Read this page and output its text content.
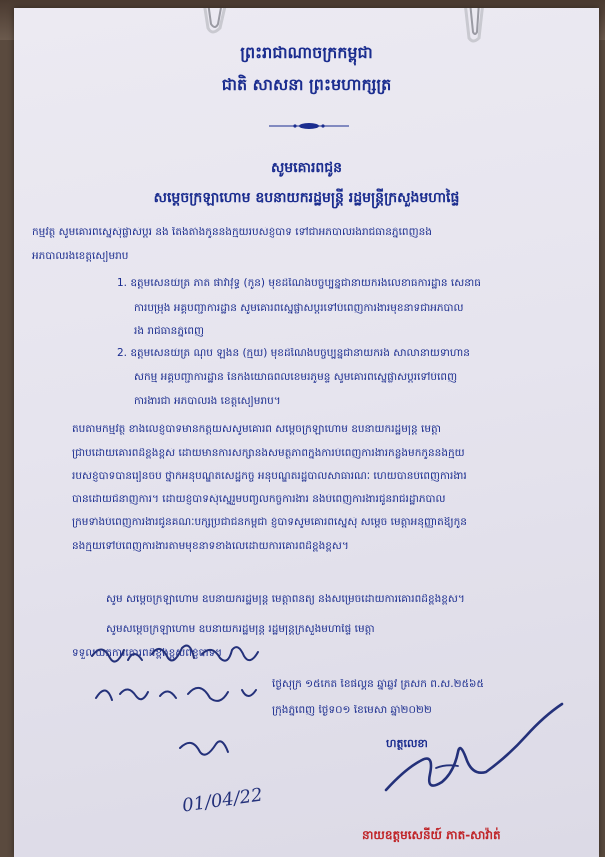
ព្រះរាជាណាចក្រកម្ពុជា
ជាតិ សាសនា ព្រះមហាក្សត្រ
សូមគោរពជូន
សម្ដេចក្រឡាហោម ឧបនាយករដ្ឋមន្ត្រី រដ្ឋមន្ត្រីក្រសួងមហាផ្ទៃ
កម្មវត្ថុ សូមគោរពស្នើសុំផ្លាស់ប្ដូរ និង តែងតាំងកូននិងក្មួយរបស់ខ្ញុំបាទ ទៅជាអភិបាលរងរាជធានីភ្នំពេញនិង
អភិបាលរងខេត្តសៀមរាប
1. ឧត្ដមសេនីយ៍ត្រី ភាត់ ផាវ៉ាវុទ្ធ (កូន) មុខដំណែងបច្ចុប្បន្នជានាយករងលេខាធិការដ្ឋាន សេនាធិ
ការបម្រុង អគ្គបញ្ជាការដ្ឋាន សូមគោរពស្នើផ្លាស់ប្ដូរទៅបំពេញការងារមុខនាទីជាអភិបាល
រង រាជធានីភ្នំពេញ
2. ឧត្ដមសេនីយ៍ត្រី ណុប ឡុងនី (ក្មួយ) មុខដំណែងបច្ចុប្បន្នជានាយករង សាលានាយទាហាន
សកម្ម អគ្គបញ្ជាការដ្ឋាន នៃកងយោធពលខេមរភូមិន្ទ សូមគោរពស្នើផ្លាស់ប្ដូរទៅបំពេញ
ការងារជា អភិបាលរង ខេត្តសៀមរាប។
តបតាមកម្មវត្ថុ ខាងលើខ្ញុំបាទមានកិត្តិយសសូមគោរព សម្ដេចក្រឡាហោម ឧបនាយករដ្ឋមន្ត្រី មេត្តា
ជ្រាបដោយគោរពដ៏ខ្ពង់ខ្ពស់ ដោយមានការសិក្សានិងសមត្ថភាពក្នុងការបំពេញការងារកន្លងមកកូននិងក្មួយ
របស់ខ្ញុំបាទបានរៀនចប់ ថ្នាក់អនុបណ្ឌិតសេដ្ឋកិច្ច អនុបណ្ឌិតរដ្ឋបាលសាធារណៈ ហើយបានបំពេញការងារ
បានដោយជំនាញការ។ ដោយខ្ញុំបាទសុំស្នើរួមបញ្ចូលកិច្ចការងារ និងបំពេញការងារជូនរាជរដ្ឋាភិបាល
ក្រមទាំងបំពេញការងារជូនគណៈបក្សប្រជាជនកម្ពុជា ខ្ញុំបាទសូមគោរពស្នើសុំ សម្ដេច មេត្តាអនុញ្ញាតឱ្យកូន
និងក្មួយទៅបំពេញការងារតាមមុខនាទីខាងលើដោយការគោរពដ៏ខ្ពង់ខ្ពស់។
សូម សម្ដេចក្រឡាហោម ឧបនាយករដ្ឋមន្ត្រី មេត្តាពិនិត្យ និងសម្រេចដោយការគោរពដ៏ខ្ពង់ខ្ពស់។
សូមសម្ដេចក្រឡាហោម ឧបនាយករដ្ឋមន្ត្រី រដ្ឋមន្ត្រីក្រសួងមហាផ្ទៃ មេត្តា
ទទួលយកការគោរពដ៏ខ្ពង់ខ្ពស់ពីខ្ញុំបាទ។
ថ្ងៃសុក្រ ១៥កើត ខែផល្គុន ឆ្នាំឆ្លូវ ត្រីស័ក ព.ស.២៥៦៥
ក្រុងភ្នំពេញ ថ្ងៃទី០១ ខែមេសា ឆ្នាំ២០២២
ហត្ថលេខា
01/04/22
នាយឧត្ដមសេនីយ៍ ភាត-សាវ៉ាត់
